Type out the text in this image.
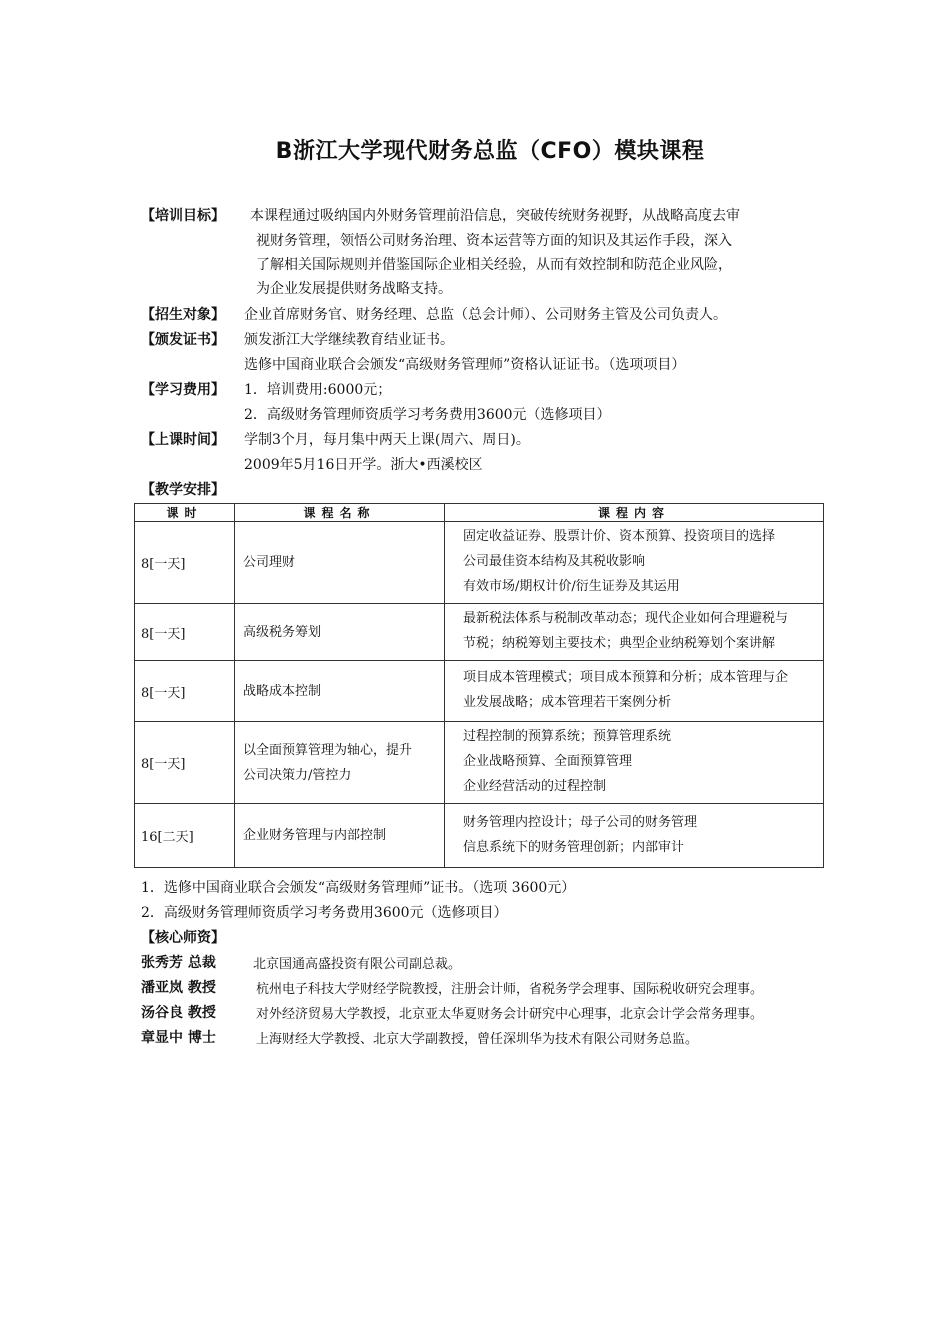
B浙江大学现代财务总监（CFO）模块课程
【培训目标】 本课程通过吸纳国内外财务管理前沿信息，突破传统财务视野，从战略高度去审
视财务管理，领悟公司财务治理、资本运营等方面的知识及其运作手段，深入
了解相关国际规则并借鉴国际企业相关经验，从而有效控制和防范企业风险，
为企业发展提供财务战略支持。
【招生对象】 企业首席财务官、财务经理、总监（总会计师）、公司财务主管及公司负责人。
【颁发证书】 颁发浙江大学继续教育结业证书。
选修中国商业联合会颁发“高级财务管理师”资格认证证书。（选项项目）
【学习费用】 1．培训费用:6000元；
2．高级财务管理师资质学习考务费用3600元（选修项目）
【上课时间】 学制3个月，每月集中两天上课(周六、周日)。
2009年5月16日开学。浙大•西溪校区
【教学安排】
课时	课程名称	课程内容
8[一天]	公司理财	固定收益证券、股票计价、资本预算、投资项目的选择
公司最佳资本结构及其税收影响
有效市场/期权计价/衍生证券及其运用

8[一天]	高级税务筹划	最新税法体系与税制改革动态；现代企业如何合理避税与
节税；纳税筹划主要技术；典型企业纳税筹划个案讲解

8[一天]	战略成本控制	项目成本管理模式；项目成本预算和分析；成本管理与企
业发展战略；成本管理若干案例分析

8[一天]	以全面预算管理为轴心，提升
公司决策力/管控力	过程控制的预算系统；预算管理系统
企业战略预算、全面预算管理
企业经营活动的过程控制

16[二天]	企业财务管理与内部控制	财务管理内控设计；母子公司的财务管理
信息系统下的财务管理创新；内部审计
1．选修中国商业联合会颁发“高级财务管理师”证书。（选项 3600元）
2．高级财务管理师资质学习考务费用3600元（选修项目）
【核心师资】
张秀芳 总裁	北京国通高盛投资有限公司副总裁。
潘亚岚 教授	杭州电子科技大学财经学院教授，注册会计师，省税务学会理事、国际税收研究会理事。
汤谷良 教授	对外经济贸易大学教授，北京亚太华夏财务会计研究中心理事，北京会计学会常务理事。
章显中 博士	上海财经大学教授、北京大学副教授，曾任深圳华为技术有限公司财务总监。
